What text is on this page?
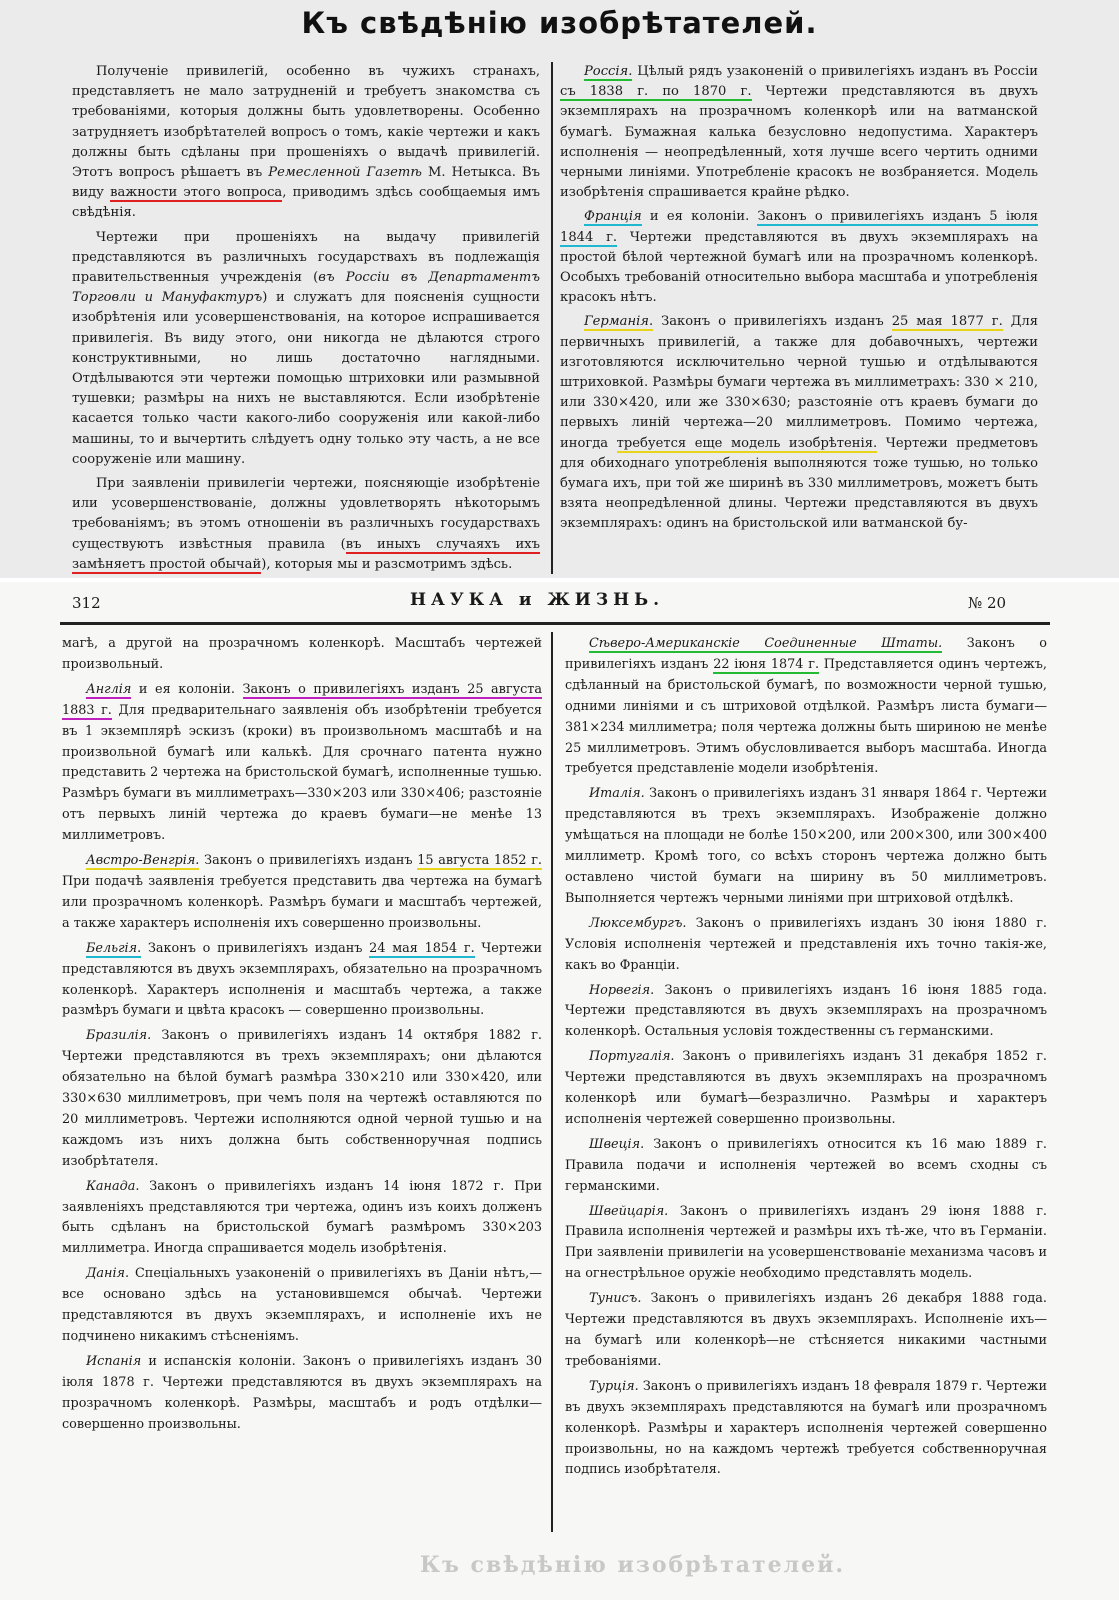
Къ свѣдѣнію изобрѣтателей.

Полученіе привилегій, особенно въ чужихъ странахъ, представляетъ не мало затрудненій и требуетъ знакомства съ требованіями, которыя должны быть удовлетворены. Особенно затрудняетъ изобрѣтателей вопросъ о томъ, какіе чертежи и какъ должны быть сдѣланы при прошеніяхъ о выдачѣ привилегій. Этотъ вопросъ рѣшаетъ въ Ремесленной Газетѣ М. Нетыкса. Въ виду важности этого вопроса, приводимъ здѣсь сообщаемыя имъ свѣдѣнія.

Чертежи при прошеніяхъ на выдачу привилегій представляются въ различныхъ государствахъ въ подлежащія правительственныя учрежденія (въ Россіи въ Департаментъ Торговли и Мануфактуръ) и служатъ для поясненія сущности изобрѣтенія или усовершенствованія, на которое испрашивается привилегія. Въ виду этого, они никогда не дѣлаются строго конструктивными, но лишь достаточно наглядными. Отдѣлываются эти чертежи помощью штриховки или размывной тушевки; размѣры на нихъ не выставляются. Если изобрѣтеніе касается только части какого-либо сооруженія или какой-либо машины, то и вычертить слѣдуетъ одну только эту часть, а не все сооруженіе или машину.

При заявленіи привилегіи чертежи, поясняющіе изобрѣтеніе или усовершенствованіе, должны удовлетворять нѣкоторымъ требованіямъ; въ этомъ отношеніи въ различныхъ государствахъ существуютъ извѣстныя правила (въ иныхъ случаяхъ ихъ замѣняетъ простой обычай), которыя мы и разсмотримъ здѣсь.

Россія. Цѣлый рядъ узаконеній о привилегіяхъ изданъ въ Россіи съ 1838 г. по 1870 г. Чертежи представляются въ двухъ экземплярахъ на прозрачномъ коленкорѣ или на ватманской бумагѣ. Бумажная калька безусловно недопустима. Характеръ исполненія — неопредѣленный, хотя лучше всего чертить одними черными линіями. Употребленіе красокъ не возбраняется. Модель изобрѣтенія спрашивается крайне рѣдко.

Франція и ея колоніи. Законъ о привилегіяхъ изданъ 5 іюля 1844 г. Чертежи представляются въ двухъ экземплярахъ на простой бѣлой чертежной бумагѣ или на прозрачномъ коленкорѣ. Особыхъ требованій относительно выбора масштаба и употребленія красокъ нѣтъ.

Германія. Законъ о привилегіяхъ изданъ 25 мая 1877 г. Для первичныхъ привилегій, а также для добавочныхъ, чертежи изготовляются исключительно черной тушью и отдѣлываются штриховкой. Размѣры бумаги чертежа въ миллиметрахъ: 330 × 210, или 330×420, или же 330×630; разстояніе отъ краевъ бумаги до первыхъ линій чертежа—20 миллиметровъ. Помимо чертежа, иногда требуется еще модель изобрѣтенія. Чертежи предметовъ для обиходнаго употребленія выполняются тоже тушью, но только бумага ихъ, при той же ширинѣ въ 330 миллиметровъ, можетъ быть взята неопредѣленной длины. Чертежи представляются въ двухъ экземплярахъ: одинъ на бристольской или ватманской бу-

312	НАУКА и ЖИЗНЬ.	№ 20

магѣ, а другой на прозрачномъ коленкорѣ. Масштабъ чертежей произвольный.

Англія и ея колоніи. Законъ о привилегіяхъ изданъ 25 августа 1883 г. Для предварительнаго заявленія объ изобрѣтеніи требуется въ 1 экземплярѣ эскизъ (кроки) въ произвольномъ масштабѣ и на произвольной бумагѣ или калькѣ. Для срочнаго патента нужно представить 2 чертежа на бристольской бумагѣ, исполненные тушью. Размѣръ бумаги въ миллиметрахъ—330×203 или 330×406; разстояніе отъ первыхъ линій чертежа до краевъ бумаги—не менѣе 13 миллиметровъ.

Австро-Венгрія. Законъ о привилегіяхъ изданъ 15 августа 1852 г. При подачѣ заявленія требуется представить два чертежа на бумагѣ или прозрачномъ коленкорѣ. Размѣръ бумаги и масштабъ чертежей, а также характеръ исполненія ихъ совершенно произвольны.

Бельгія. Законъ о привилегіяхъ изданъ 24 мая 1854 г. Чертежи представляются въ двухъ экземплярахъ, обязательно на прозрачномъ коленкорѣ. Характеръ исполненія и масштабъ чертежа, а также размѣръ бумаги и цвѣта красокъ — совершенно произвольны.

Бразилія. Законъ о привилегіяхъ изданъ 14 октября 1882 г. Чертежи представляются въ трехъ экземплярахъ; они дѣлаются обязательно на бѣлой бумагѣ размѣра 330×210 или 330×420, или 330×630 миллиметровъ, при чемъ поля на чертежѣ оставляются по 20 миллиметровъ. Чертежи исполняются одной черной тушью и на каждомъ изъ нихъ должна быть собственноручная подпись изобрѣтателя.

Канада. Законъ о привилегіяхъ изданъ 14 іюня 1872 г. При заявленіяхъ представляются три чертежа, одинъ изъ коихъ долженъ быть сдѣланъ на бристольской бумагѣ размѣромъ 330×203 миллиметра. Иногда спрашивается модель изобрѣтенія.

Данія. Спеціальныхъ узаконеній о привилегіяхъ въ Даніи нѣтъ,— все основано здѣсь на установившемся обычаѣ. Чертежи представляются въ двухъ экземплярахъ, и исполненіе ихъ не подчинено никакимъ стѣсненіямъ.

Испанія и испанскія колоніи. Законъ о привилегіяхъ изданъ 30 іюля 1878 г. Чертежи представляются въ двухъ экземплярахъ на прозрачномъ коленкорѣ. Размѣры, масштабъ и родъ отдѣлки— совершенно произвольны.

Сѣверо-Американскіе Соединенные Штаты. Законъ о привилегіяхъ изданъ 22 іюня 1874 г. Представляется одинъ чертежъ, сдѣланный на бристольской бумагѣ, по возможности черной тушью, одними линіями и съ штриховой отдѣлкой. Размѣръ листа бумаги—381×234 миллиметра; поля чертежа должны быть шириною не менѣе 25 миллиметровъ. Этимъ обусловливается выборъ масштаба. Иногда требуется представленіе модели изобрѣтенія.

Италія. Законъ о привилегіяхъ изданъ 31 января 1864 г. Чертежи представляются въ трехъ экземплярахъ. Изображеніе должно умѣщаться на площади не болѣе 150×200, или 200×300, или 300×400 миллиметр. Кромѣ того, со всѣхъ сторонъ чертежа должно быть оставлено чистой бумаги на ширину въ 50 миллиметровъ. Выполняется чертежъ черными линіями при штриховой отдѣлкѣ.

Люксембургъ. Законъ о привилегіяхъ изданъ 30 іюня 1880 г. Условія исполненія чертежей и представленія ихъ точно такія-же, какъ во Франціи.

Норвегія. Законъ о привилегіяхъ изданъ 16 іюня 1885 года. Чертежи представляются въ двухъ экземплярахъ на прозрачномъ коленкорѣ. Остальныя условія тождественны съ германскими.

Португалія. Законъ о привилегіяхъ изданъ 31 декабря 1852 г. Чертежи представляются въ двухъ экземплярахъ на прозрачномъ коленкорѣ или бумагѣ—безразлично. Размѣры и характеръ исполненія чертежей совершенно произвольны.

Швеція. Законъ о привилегіяхъ относится къ 16 маю 1889 г. Правила подачи и исполненія чертежей во всемъ сходны съ германскими.

Швейцарія. Законъ о привилегіяхъ изданъ 29 іюня 1888 г. Правила исполненія чертежей и размѣры ихъ тѣ-же, что въ Германіи. При заявленіи привилегіи на усовершенствованіе механизма часовъ и на огнестрѣльное оружіе необходимо представлять модель.

Тунисъ. Законъ о привилегіяхъ изданъ 26 декабря 1888 года. Чертежи представляются въ двухъ экземплярахъ. Исполненіе ихъ— на бумагѣ или коленкорѣ—не стѣсняется никакими частными требованіями.

Турція. Законъ о привилегіяхъ изданъ 18 февраля 1879 г. Чертежи въ двухъ экземплярахъ представляются на бумагѣ или прозрачномъ коленкорѣ. Размѣры и характеръ исполненія чертежей совершенно произвольны, но на каждомъ чертежѣ требуется собственноручная подпись изобрѣтателя.

Къ свѣдѣнію изобрѣтателей.
